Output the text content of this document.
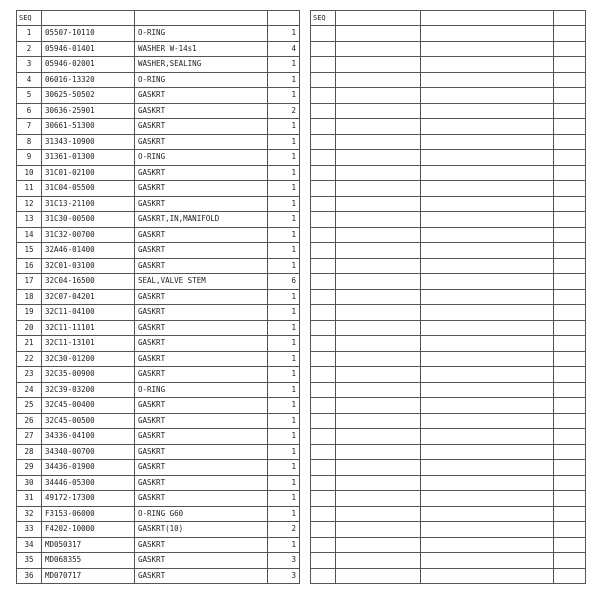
SEQ			
1	05507-10110	O-RING	1
2	05946-01401	WASHER W-14s1	4
3	05946-02001	WASHER,SEALING	1
4	06016-13320	O-RING	1
5	30625-50502	GASKRT	1
6	30636-25901	GASKRT	2
7	30661-51300	GASKRT	1
8	31343-10900	GASKRT	1
9	31361-01300	O-RING	1
10	31C01-02100	GASKRT	1
11	31C04-05500	GASKRT	1
12	31C13-21100	GASKRT	1
13	31C30-00500	GASKRT,IN,MANIFOLD	1
14	31C32-00700	GASKRT	1
15	32A46-01400	GASKRT	1
16	32C01-03100	GASKRT	1
17	32C04-16500	SEAL,VALVE STEM	6
18	32C07-04201	GASKRT	1
19	32C11-04100	GASKRT	1
20	32C11-11101	GASKRT	1
21	32C11-13101	GASKRT	1
22	32C30-01200	GASKRT	1
23	32C35-00900	GASKRT	1
24	32C39-03200	O-RING	1
25	32C45-00400	GASKRT	1
26	32C45-00500	GASKRT	1
27	34336-04100	GASKRT	1
28	34340-00700	GASKRT	1
29	34436-01900	GASKRT	1
30	34446-05300	GASKRT	1
31	49172-17300	GASKRT	1
32	F3153-06000	O-RING G60	1
33	F4202-10000	GASKRT(10)	2
34	MD050317	GASKRT	1
35	MD068355	GASKRT	3
36	MD070717	GASKRT	3
SEQ			
